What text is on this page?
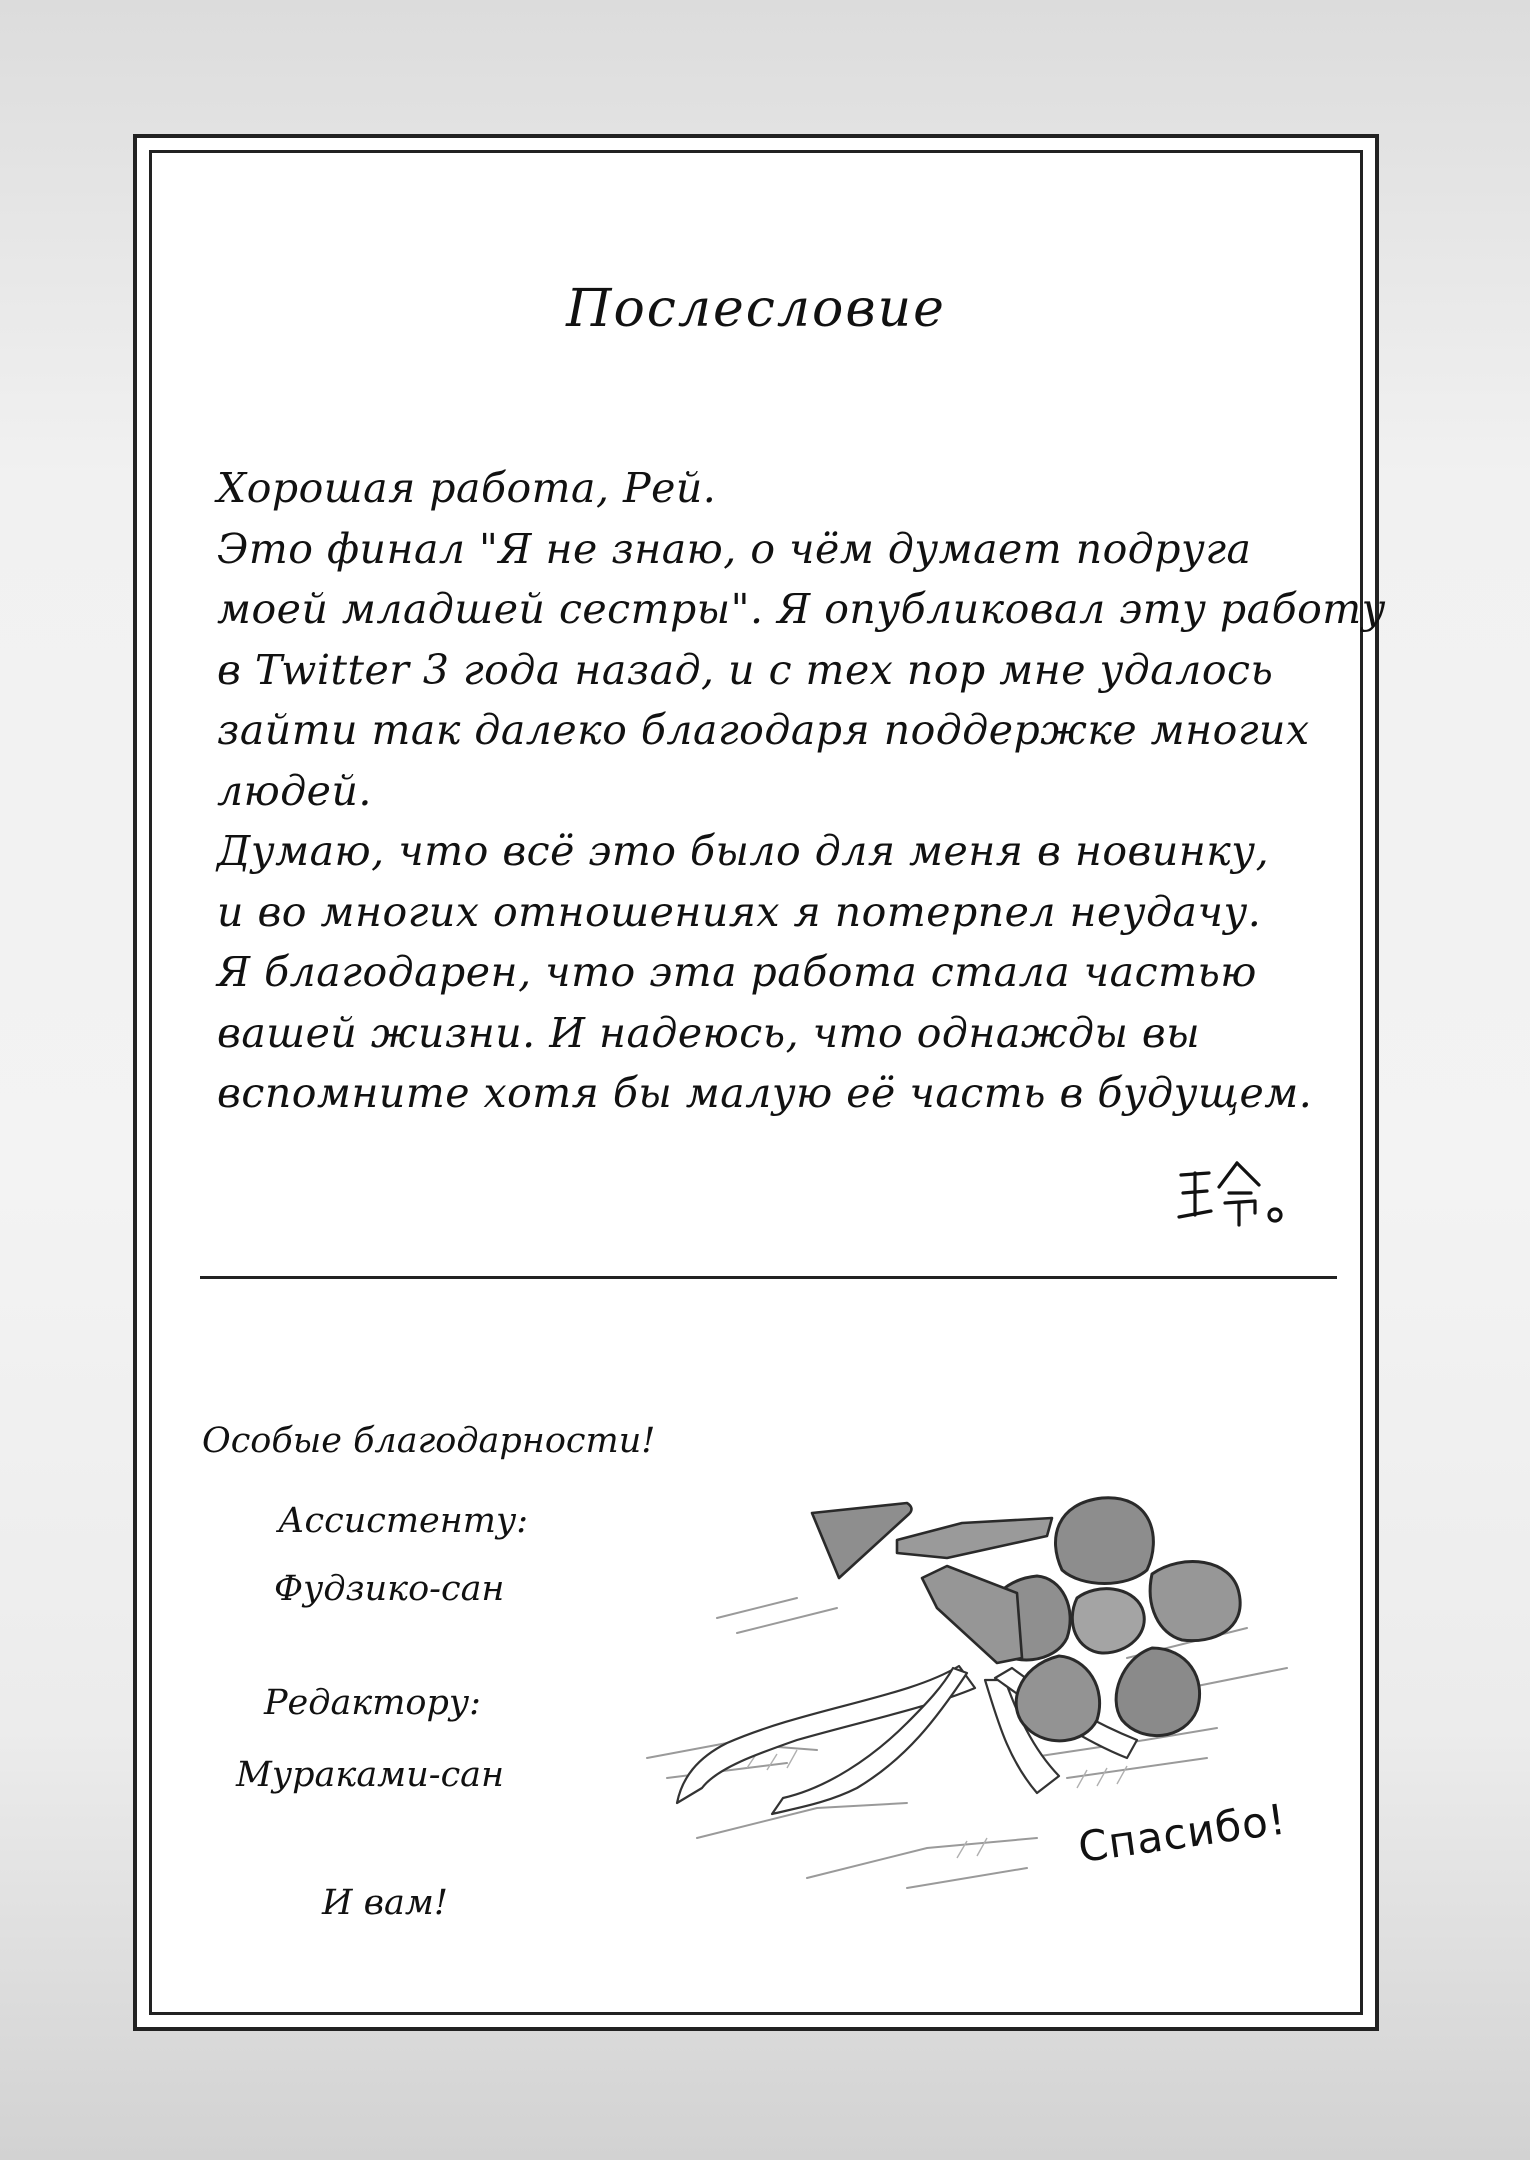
Послесловие
Хорошая работа, Рей.
Это финал "Я не знаю, о чём думает подруга
моей младшей сестры". Я опубликовал эту работу
в Twitter 3 года назад, и с тех пор мне удалось
зайти так далеко благодаря поддержке многих
людей.
Думаю, что всё это было для меня в новинку,
и во многих отношениях я потерпел неудачу.
Я благодарен, что эта работа стала частью
вашей жизни. И надеюсь, что однажды вы
вспомните хотя бы малую её часть в будущем.
Особые благодарности!
Ассистенту:
Фудзико-сан
Редактору:
Мураками-сан
И вам!
Спасибо!
